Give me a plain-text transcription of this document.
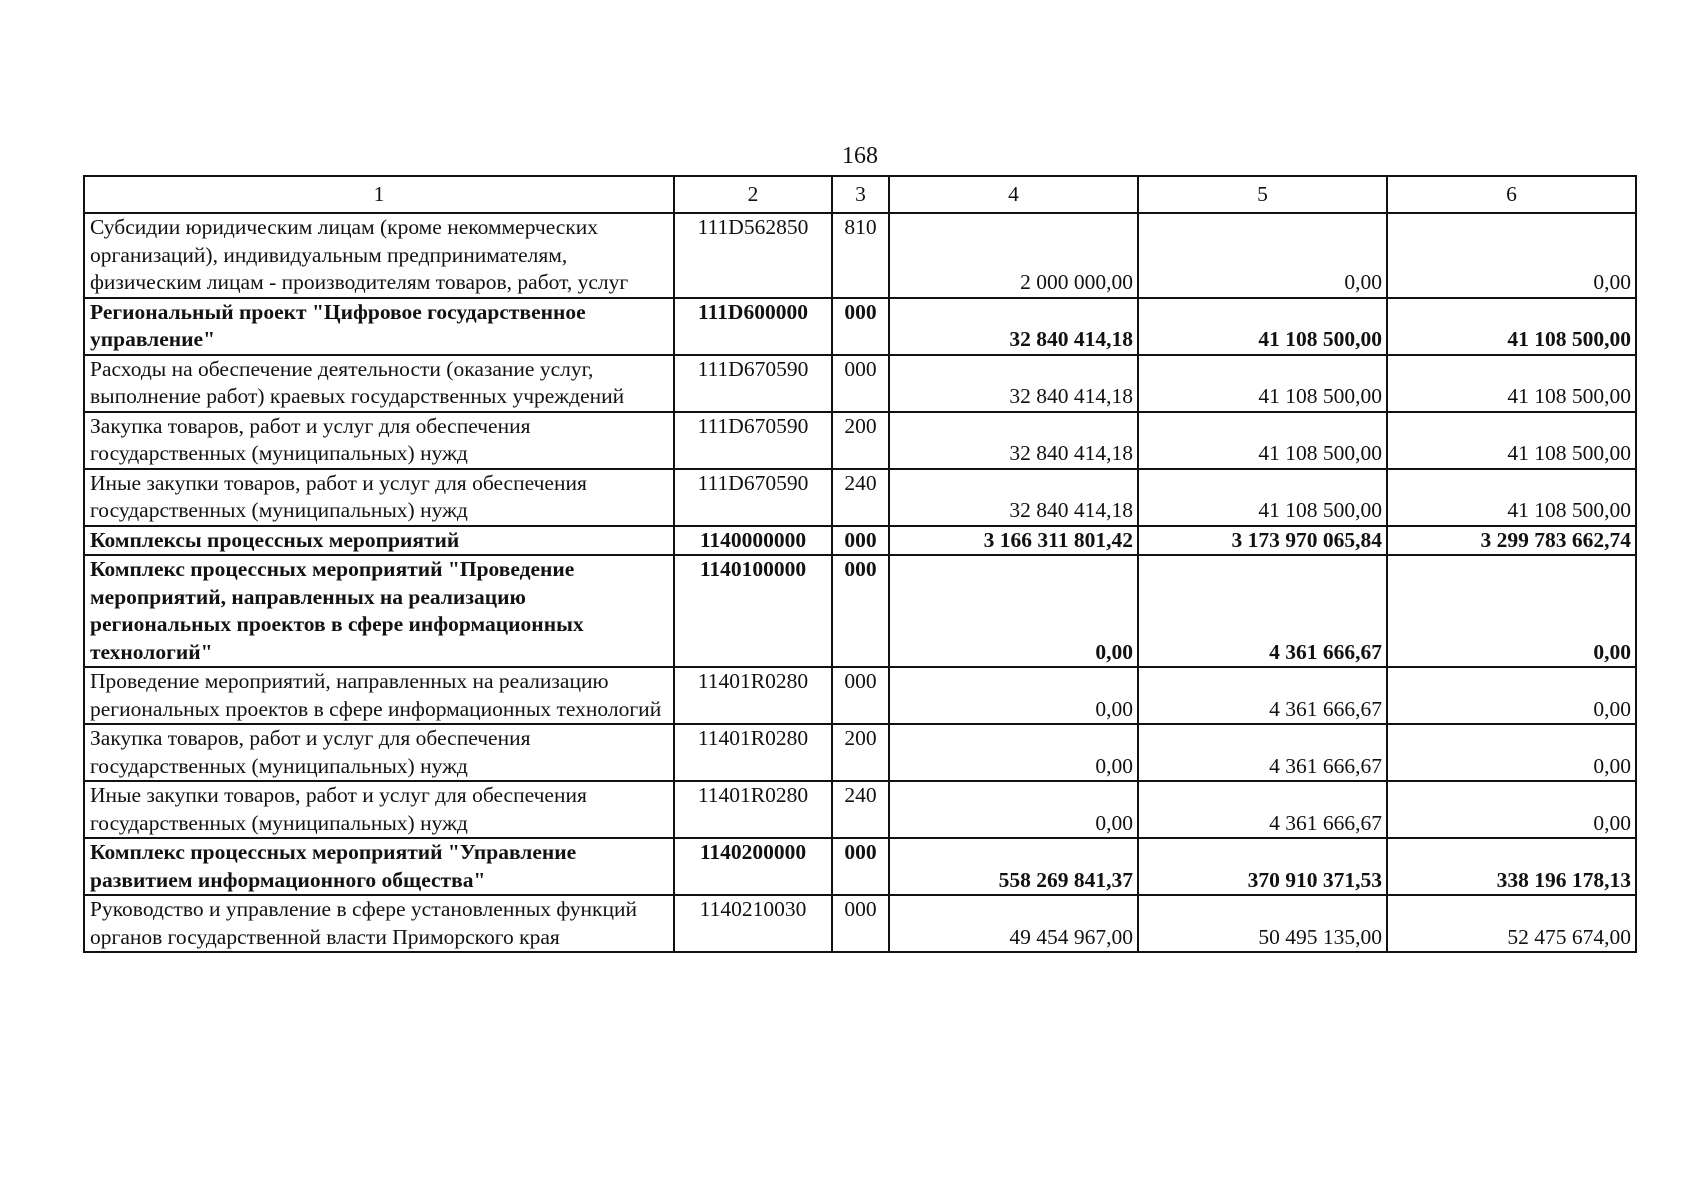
168
1	2	3	4	5	6
Субсидии юридическим лицам (кроме некоммерческих организаций), индивидуальным предпринимателям, физическим лицам - производителям товаров, работ, услуг	111D562850	810	2 000 000,00	0,00	0,00
Региональный проект "Цифровое государственное управление"	111D600000	000	32 840 414,18	41 108 500,00	41 108 500,00
Расходы на обеспечение деятельности (оказание услуг, выполнение работ) краевых государственных учреждений	111D670590	000	32 840 414,18	41 108 500,00	41 108 500,00
Закупка товаров, работ и услуг для обеспечения государственных (муниципальных) нужд	111D670590	200	32 840 414,18	41 108 500,00	41 108 500,00
Иные закупки товаров, работ и услуг для обеспечения государственных (муниципальных) нужд	111D670590	240	32 840 414,18	41 108 500,00	41 108 500,00
Комплексы процессных мероприятий	1140000000	000	3 166 311 801,42	3 173 970 065,84	3 299 783 662,74
Комплекс процессных мероприятий "Проведение мероприятий, направленных на реализацию региональных проектов в сфере информационных технологий"	1140100000	000	0,00	4 361 666,67	0,00
Проведение мероприятий, направленных на реализацию региональных проектов в сфере информационных технологий	11401R0280	000	0,00	4 361 666,67	0,00
Закупка товаров, работ и услуг для обеспечения государственных (муниципальных) нужд	11401R0280	200	0,00	4 361 666,67	0,00
Иные закупки товаров, работ и услуг для обеспечения государственных (муниципальных) нужд	11401R0280	240	0,00	4 361 666,67	0,00
Комплекс процессных мероприятий "Управление развитием информационного общества"	1140200000	000	558 269 841,37	370 910 371,53	338 196 178,13
Руководство и управление в сфере установленных функций органов государственной власти Приморского края	1140210030	000	49 454 967,00	50 495 135,00	52 475 674,00
